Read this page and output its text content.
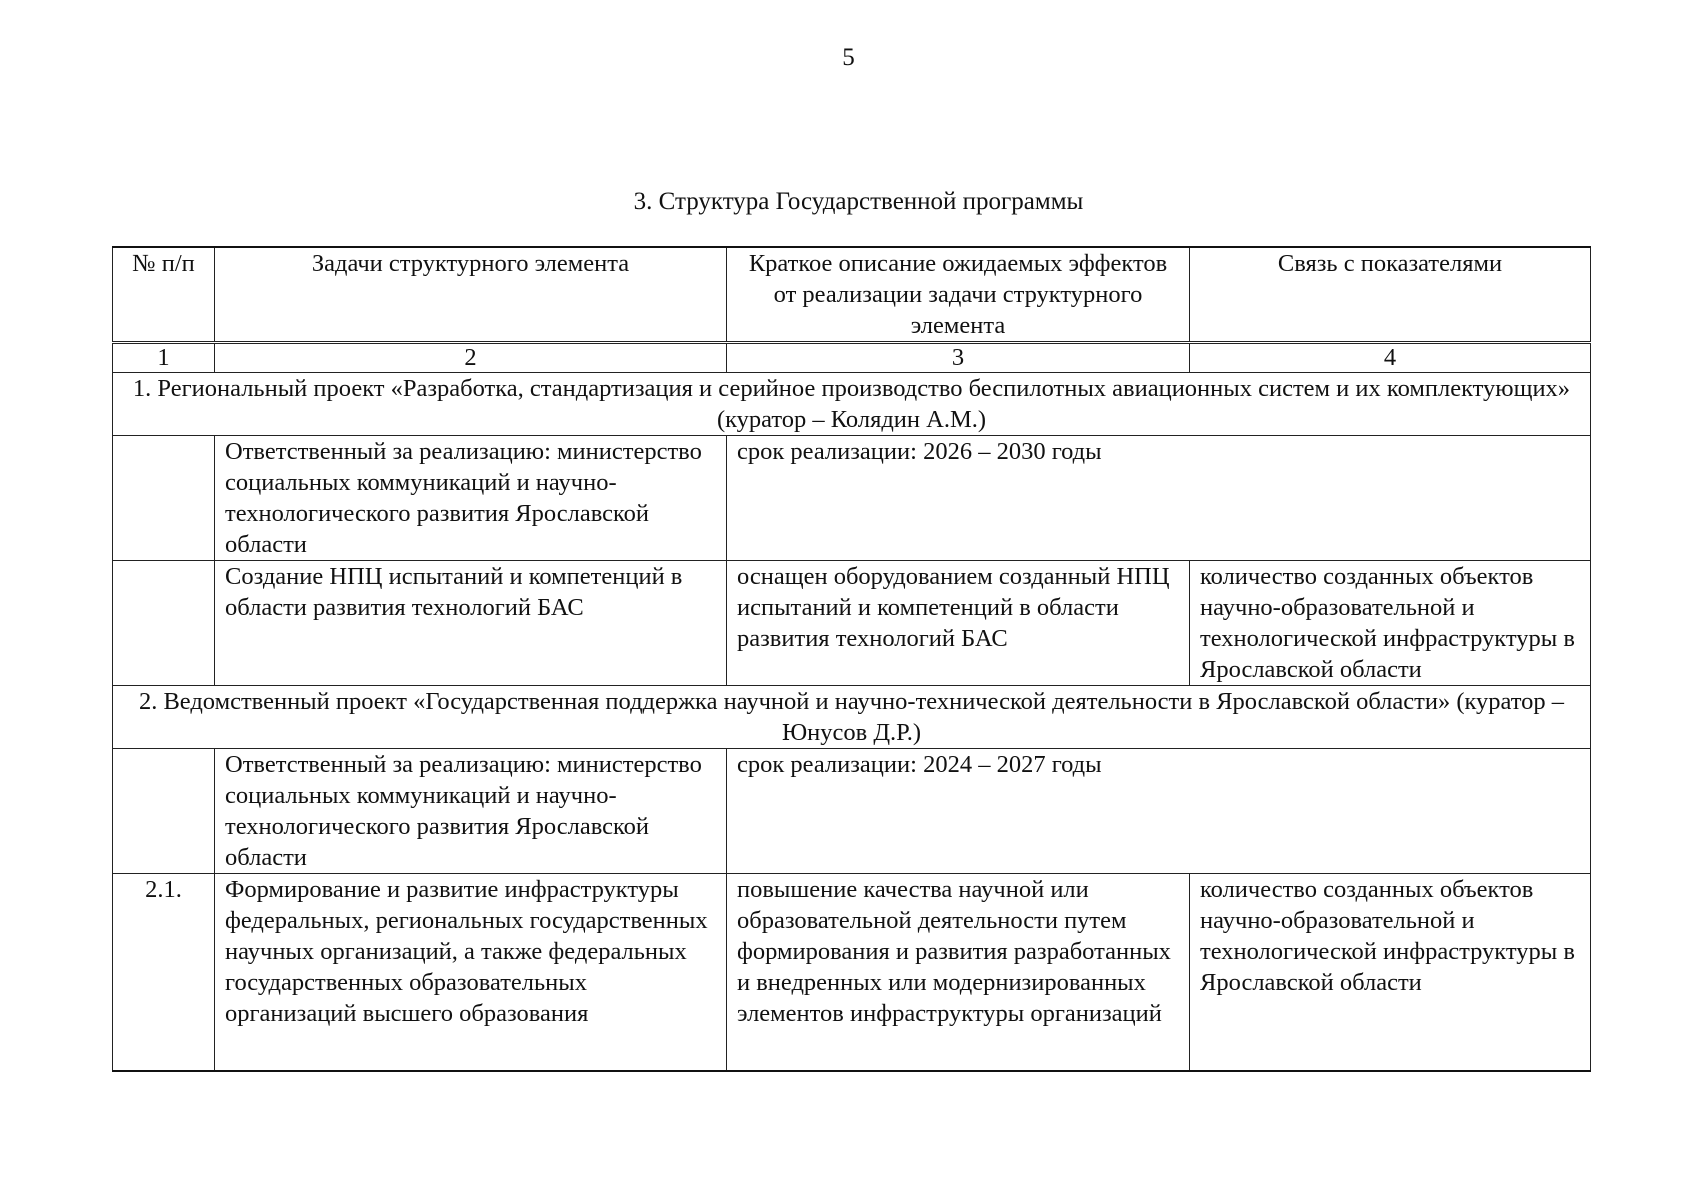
5
3. Структура Государственной программы
№ п/п	Задачи структурного элемента	Краткое описание ожидаемых эффектов от реализации задачи структурного элемента	Связь с показателями
1	2	3	4
1. Региональный проект «Разработка, стандартизация и серийное производство беспилотных авиационных систем и их комплектующих» (куратор – Колядин А.М.)			
	Ответственный за реализацию: министерство социальных коммуникаций и научно-технологического развития Ярославской области	срок реализации: 2026 – 2030 годы	
	Создание НПЦ испытаний и компетенций в области развития технологий БАС	оснащен оборудованием созданный НПЦ испытаний и компетенций в области развития технологий БАС	количество созданных объектов научно-образовательной и технологической инфраструктуры в Ярославской области
2. Ведомственный проект «Государственная поддержка научной и научно-технической деятельности в Ярославской области» (куратор – Юнусов Д.Р.)			
	Ответственный за реализацию: министерство социальных коммуникаций и научно-технологического развития Ярославской области	срок реализации: 2024 – 2027 годы	
2.1.	Формирование и развитие инфраструктуры федеральных, региональных государственных научных организаций, а также федеральных государственных образовательных организаций высшего образования	повышение качества научной или образовательной деятельности путем формирования и развития разработанных и внедренных или модернизированных элементов инфраструктуры организаций	количество созданных объектов научно-образовательной и технологической инфраструктуры в Ярославской области
